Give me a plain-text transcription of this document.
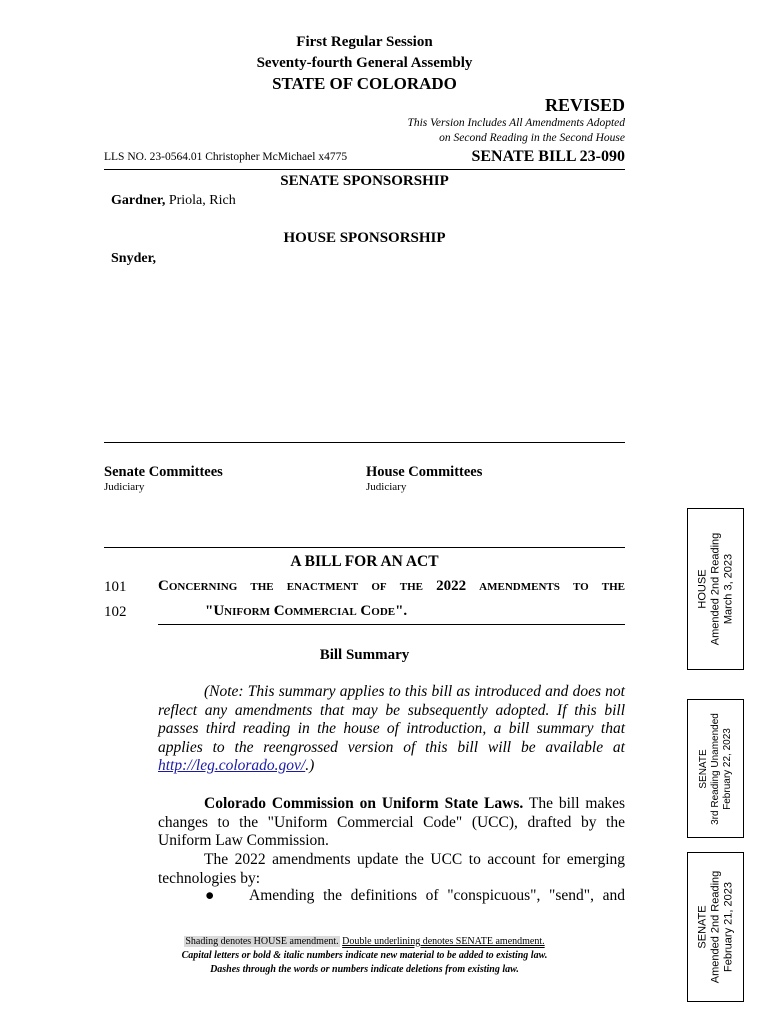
First Regular Session
Seventy-fourth General Assembly
STATE OF COLORADO
REVISED
This Version Includes All Amendments Adopted
on Second Reading in the Second House
LLS NO. 23-0564.01 Christopher McMichael x4775	SENATE BILL 23-090
SENATE SPONSORSHIP
Gardner, Priola, Rich
HOUSE SPONSORSHIP
Snyder,
Senate Committees
Judiciary
House Committees
Judiciary
A BILL FOR AN ACT
101 Concerning the enactment of the 2022 amendments to the
102	"Uniform Commercial Code".
Bill Summary
(Note: This summary applies to this bill as introduced and does not reflect any amendments that may be subsequently adopted. If this bill passes third reading in the house of introduction, a bill summary that applies to the reengrossed version of this bill will be available at http://leg.colorado.gov/.)
Colorado Commission on Uniform State Laws. The bill makes changes to the "Uniform Commercial Code" (UCC), drafted by the Uniform Law Commission.
The 2022 amendments update the UCC to account for emerging technologies by:
● Amending the definitions of "conspicuous", "send", and
Shading denotes HOUSE amendment. Double underlining denotes SENATE amendment.
Capital letters or bold & italic numbers indicate new material to be added to existing law.
Dashes through the words or numbers indicate deletions from existing law.
HOUSE Amended 2nd Reading March 3, 2023
SENATE 3rd Reading Unamended February 22, 2023
SENATE Amended 2nd Reading February 21, 2023
